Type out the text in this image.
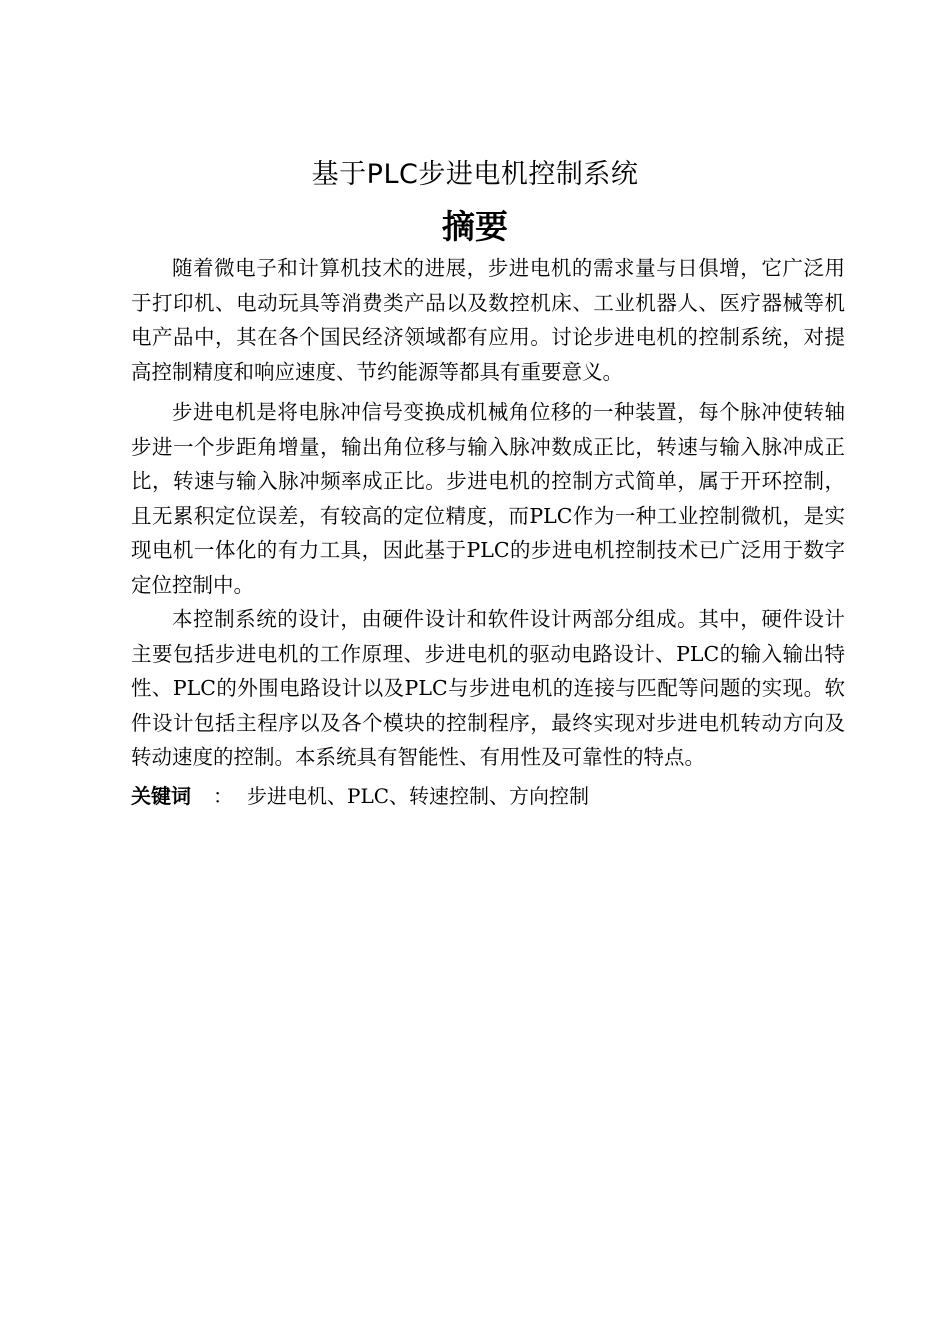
基于PLC步进电机控制系统
摘要

随着微电子和计算机技术的进展，步进电机的需求量与日俱增，它广泛用于打印机、电动玩具等消费类产品以及数控机床、工业机器人、医疗器械等机电产品中，其在各个国民经济领域都有应用。讨论步进电机的控制系统，对提高控制精度和响应速度、节约能源等都具有重要意义。

步进电机是将电脉冲信号变换成机械角位移的一种装置，每个脉冲使转轴步进一个步距角增量，输出角位移与输入脉冲数成正比，转速与输入脉冲成正比，转速与输入脉冲频率成正比。步进电机的控制方式简单，属于开环控制，且无累积定位误差，有较高的定位精度，而PLC作为一种工业控制微机，是实现电机一体化的有力工具，因此基于PLC的步进电机控制技术已广泛用于数字定位控制中。

本控制系统的设计，由硬件设计和软件设计两部分组成。其中，硬件设计主要包括步进电机的工作原理、步进电机的驱动电路设计、PLC的输入输出特性、PLC的外围电路设计以及PLC与步进电机的连接与匹配等问题的实现。软件设计包括主程序以及各个模块的控制程序，最终实现对步进电机转动方向及转动速度的控制。本系统具有智能性、有用性及可靠性的特点。

关键词 ： 步进电机、PLC、转速控制、方向控制
